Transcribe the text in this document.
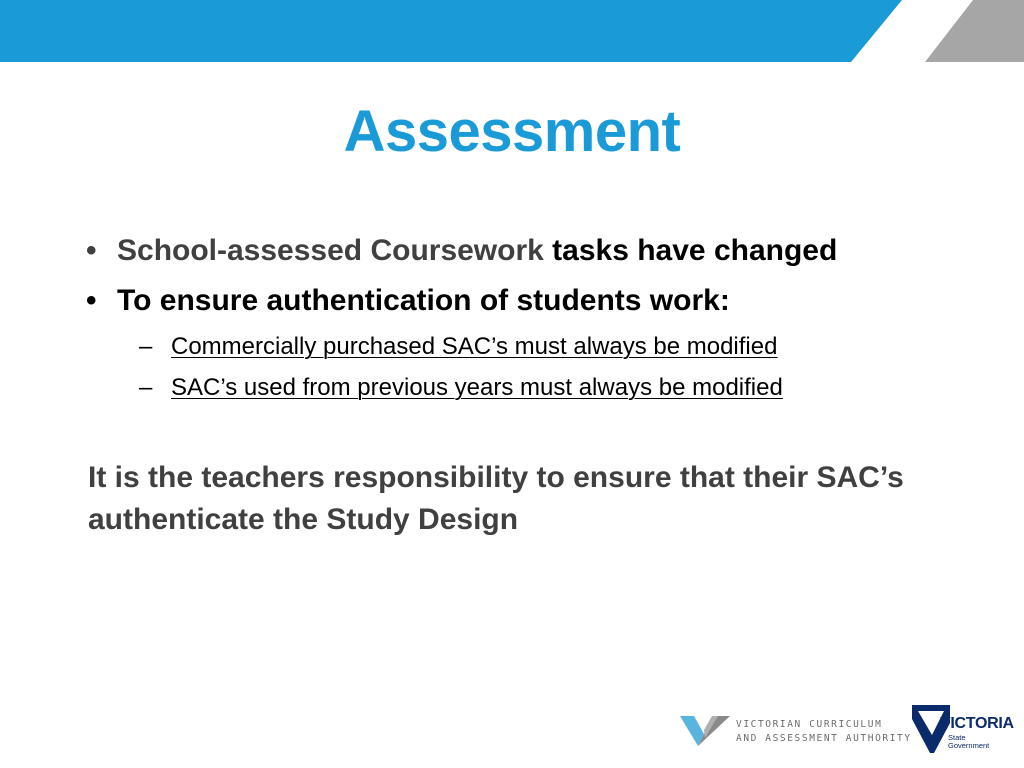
Assessment
• School-assessed Coursework tasks have changed
• To ensure authentication of students work:
– Commercially purchased SAC’s must always be modified
– SAC’s used from previous years must always be modified

It is the teachers responsibility to ensure that their SAC’s authenticate the Study Design

VICTORIAN CURRICULUM
AND ASSESSMENT AUTHORITY
VICTORIA
State
Government
